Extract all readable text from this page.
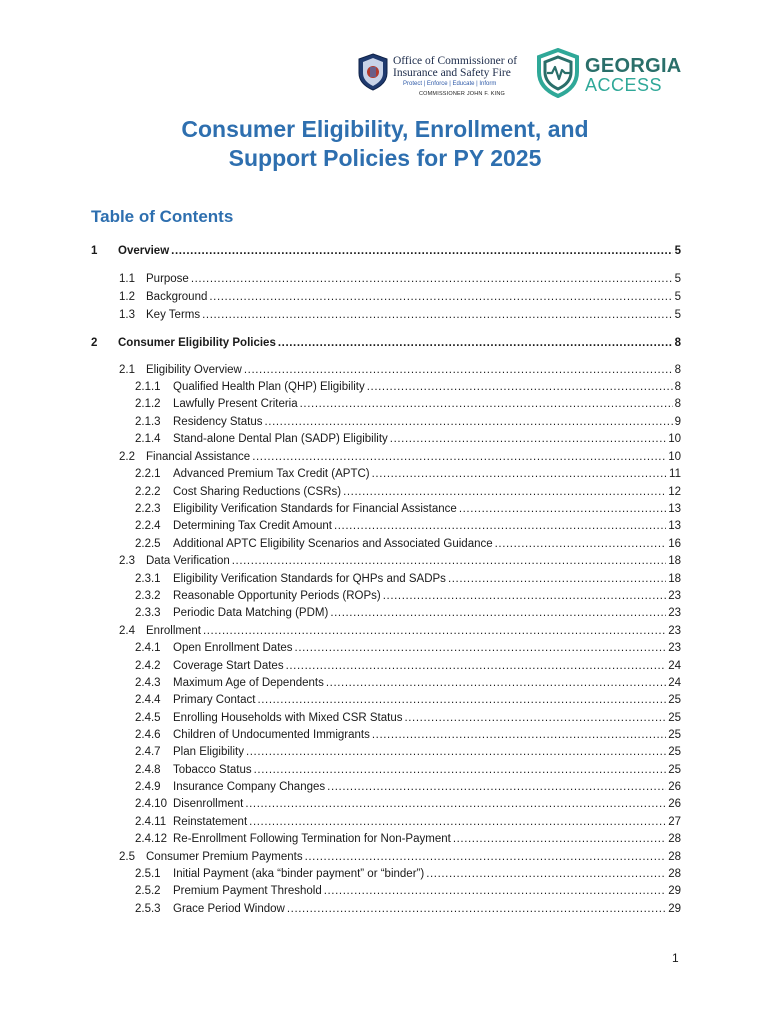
Office of Commissioner of
Insurance and Safety Fire
Protect | Enforce | Educate | Inform
COMMISSIONER JOHN F. KING
GEORGIA
ACCESS
Consumer Eligibility, Enrollment, and
Support Policies for PY 2025
Table of Contents
1	Overview .....	5
1.1 Purpose .....	5
1.2 Background .....	5
1.3 Key Terms .....	5
2	Consumer Eligibility Policies .....	8
2.1 Eligibility Overview .....	8
2.1.1	Qualified Health Plan (QHP) Eligibility .....	8
2.1.2	Lawfully Present Criteria .....	8
2.1.3	Residency Status .....	9
2.1.4	Stand-alone Dental Plan (SADP) Eligibility .....	10
2.2 Financial Assistance .....	10
2.2.1	Advanced Premium Tax Credit (APTC) .....	11
2.2.2	Cost Sharing Reductions (CSRs) .....	12
2.2.3	Eligibility Verification Standards for Financial Assistance .....	13
2.2.4	Determining Tax Credit Amount .....	13
2.2.5	Additional APTC Eligibility Scenarios and Associated Guidance .....	16
2.3 Data Verification .....	18
2.3.1	Eligibility Verification Standards for QHPs and SADPs .....	18
2.3.2	Reasonable Opportunity Periods (ROPs) .....	23
2.3.3	Periodic Data Matching (PDM) .....	23
2.4 Enrollment .....	23
2.4.1	Open Enrollment Dates .....	23
2.4.2	Coverage Start Dates .....	24
2.4.3	Maximum Age of Dependents .....	24
2.4.4	Primary Contact .....	25
2.4.5	Enrolling Households with Mixed CSR Status .....	25
2.4.6	Children of Undocumented Immigrants .....	25
2.4.7	Plan Eligibility .....	25
2.4.8	Tobacco Status .....	25
2.4.9	Insurance Company Changes .....	26
2.4.10 Disenrollment .....	26
2.4.11 Reinstatement .....	27
2.4.12 Re-Enrollment Following Termination for Non-Payment .....	28
2.5 Consumer Premium Payments .....	28
2.5.1	Initial Payment (aka “binder payment” or “binder”) .....	28
2.5.2	Premium Payment Threshold .....	29
2.5.3	Grace Period Window .....	29
1
